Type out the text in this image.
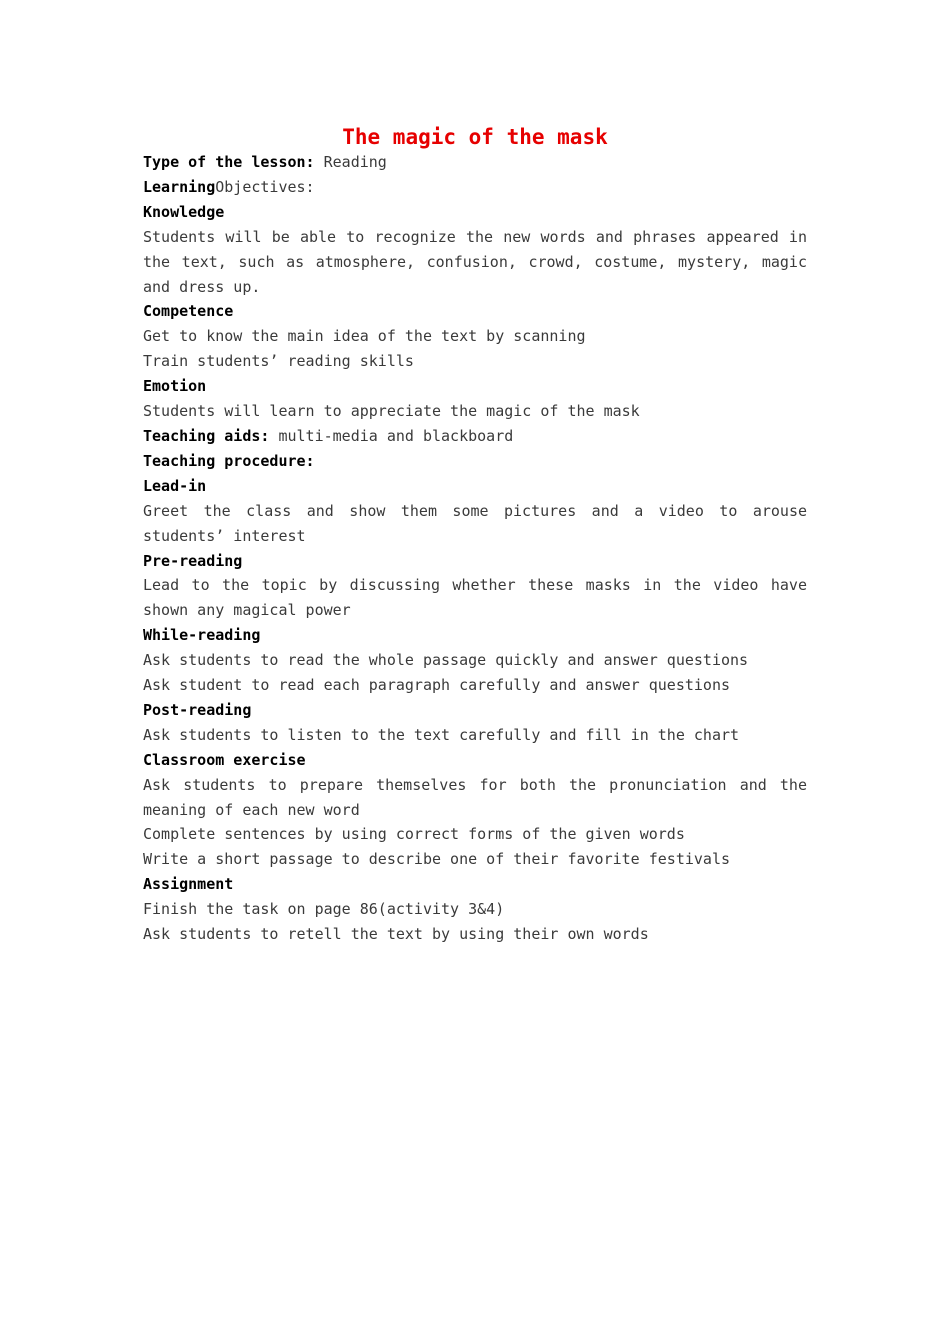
The magic of the mask
Type of the lesson: Reading
LearningObjectives:
Knowledge

Students will be able to recognize the new words and phrases appeared in the text, such as atmosphere, confusion, crowd, costume, mystery, magic and dress up.

Competence
Get to know the main idea of the text by scanning
Train students’ reading skills
Emotion
Students will learn to appreciate the magic of the mask
Teaching aids: multi-media and blackboard
Teaching procedure:
Lead-in

Greet the class and show them some pictures and a video to arouse students’ interest

Pre-reading

Lead to the topic by discussing whether these masks in the video have shown any magical power

While-reading
Ask students to read the whole passage quickly and answer questions
Ask student to read each paragraph carefully and answer questions
Post-reading
Ask students to listen to the text carefully and fill in the chart
Classroom exercise

Ask students to prepare themselves for both the pronunciation and the meaning of each new word

Complete sentences by using correct forms of the given words
Write a short passage to describe one of their favorite festivals
Assignment
Finish the task on page 86(activity 3&4)
Ask students to retell the text by using their own words
